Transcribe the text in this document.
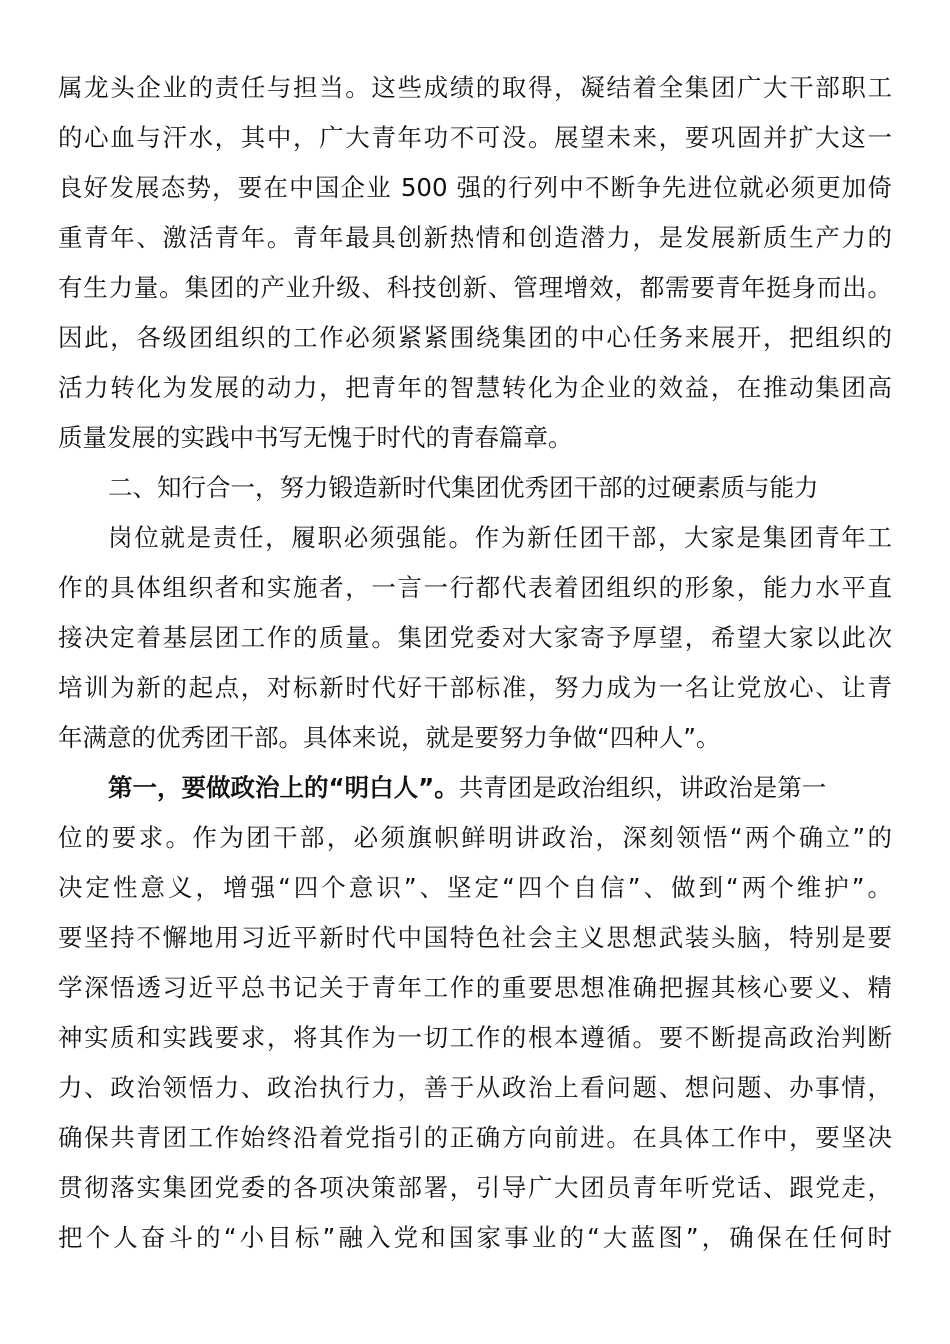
属龙头企业的责任与担当。这些成绩的取得，凝结着全集团广大干部职工
的心血与汗水，其中，广大青年功不可没。展望未来，要巩固并扩大这一
良好发展态势，要在中国企业 500 强的行列中不断争先进位就必须更加倚
重青年、激活青年。青年最具创新热情和创造潜力，是发展新质生产力的
有生力量。集团的产业升级、科技创新、管理增效，都需要青年挺身而出。
因此，各级团组织的工作必须紧紧围绕集团的中心任务来展开，把组织的
活力转化为发展的动力，把青年的智慧转化为企业的效益，在推动集团高
质量发展的实践中书写无愧于时代的青春篇章。
二、知行合一，努力锻造新时代集团优秀团干部的过硬素质与能力
岗位就是责任，履职必须强能。作为新任团干部，大家是集团青年工
作的具体组织者和实施者，一言一行都代表着团组织的形象，能力水平直
接决定着基层团工作的质量。集团党委对大家寄予厚望，希望大家以此次
培训为新的起点，对标新时代好干部标准，努力成为一名让党放心、让青
年满意的优秀团干部。具体来说，就是要努力争做“四种人”。
第一，要做政治上的“明白人”。共青团是政治组织，讲政治是第一
位的要求。作为团干部，必须旗帜鲜明讲政治，深刻领悟“两个确立”的
决定性意义，增强“四个意识”、坚定“四个自信”、做到“两个维护”。
要坚持不懈地用习近平新时代中国特色社会主义思想武装头脑，特别是要
学深悟透习近平总书记关于青年工作的重要思想准确把握其核心要义、精
神实质和实践要求，将其作为一切工作的根本遵循。要不断提高政治判断
力、政治领悟力、政治执行力，善于从政治上看问题、想问题、办事情，
确保共青团工作始终沿着党指引的正确方向前进。在具体工作中，要坚决
贯彻落实集团党委的各项决策部署，引导广大团员青年听党话、跟党走，
把个人奋斗的“小目标”融入党和国家事业的“大蓝图”，确保在任何时
